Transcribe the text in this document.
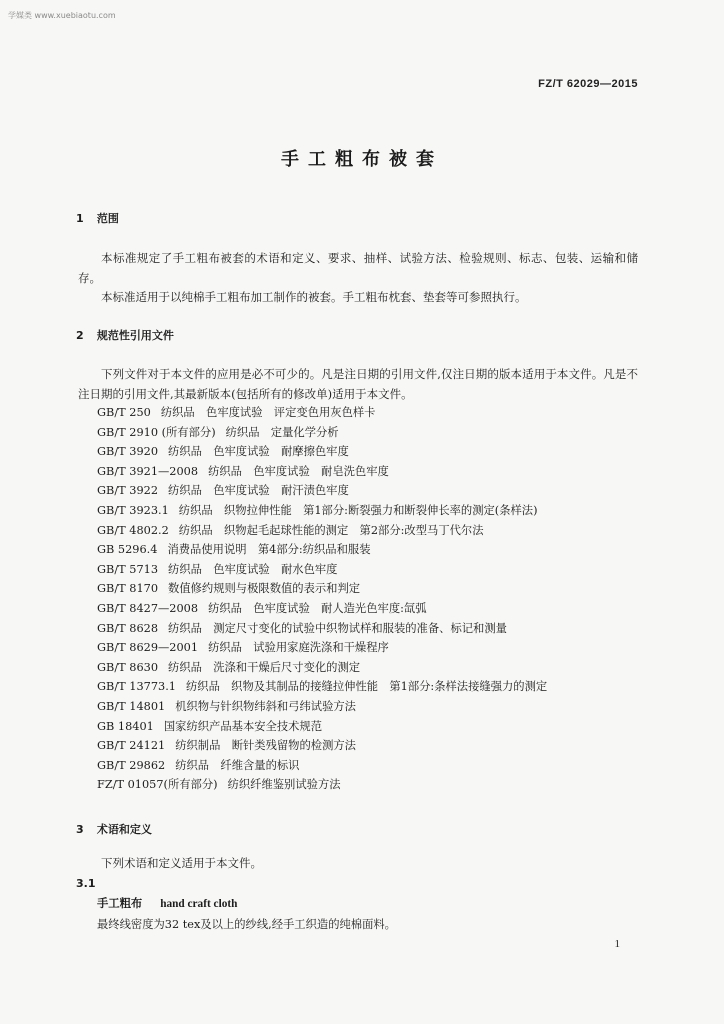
学媒类 www.xuebiaotu.com
FZ/T 62029—2015
手工粗布被套
1 范围
本标准规定了手工粗布被套的术语和定义、要求、抽样、试验方法、检验规则、标志、包装、运输和储存。
本标准适用于以纯棉手工粗布加工制作的被套。手工粗布枕套、垫套等可参照执行。
2 规范性引用文件
下列文件对于本文件的应用是必不可少的。凡是注日期的引用文件,仅注日期的版本适用于本文件。凡是不注日期的引用文件,其最新版本(包括所有的修改单)适用于本文件。
GB/T 250 纺织品　色牢度试验　评定变色用灰色样卡
GB/T 2910 (所有部分) 纺织品　定量化学分析
GB/T 3920 纺织品　色牢度试验　耐摩擦色牢度
GB/T 3921—2008 纺织品　色牢度试验　耐皂洗色牢度
GB/T 3922 纺织品　色牢度试验　耐汗渍色牢度
GB/T 3923.1 纺织品　织物拉伸性能　第1部分:断裂强力和断裂伸长率的测定(条样法)
GB/T 4802.2 纺织品　织物起毛起球性能的测定　第2部分:改型马丁代尔法
GB 5296.4 消费品使用说明　第4部分:纺织品和服装
GB/T 5713 纺织品　色牢度试验　耐水色牢度
GB/T 8170 数值修约规则与极限数值的表示和判定
GB/T 8427—2008 纺织品　色牢度试验　耐人造光色牢度:氙弧
GB/T 8628 纺织品　测定尺寸变化的试验中织物试样和服装的准备、标记和测量
GB/T 8629—2001 纺织品　试验用家庭洗涤和干燥程序
GB/T 8630 纺织品　洗涤和干燥后尺寸变化的测定
GB/T 13773.1 纺织品　织物及其制品的接缝拉伸性能　第1部分:条样法接缝强力的测定
GB/T 14801 机织物与针织物纬斜和弓纬试验方法
GB 18401 国家纺织产品基本安全技术规范
GB/T 24121 纺织制品　断针类残留物的检测方法
GB/T 29862 纺织品　纤维含量的标识
FZ/T 01057(所有部分) 纺织纤维鉴别试验方法
3 术语和定义
下列术语和定义适用于本文件。
3.1
手工粗布 hand craft cloth
最终线密度为32 tex及以上的纱线,经手工织造的纯棉面料。
1
